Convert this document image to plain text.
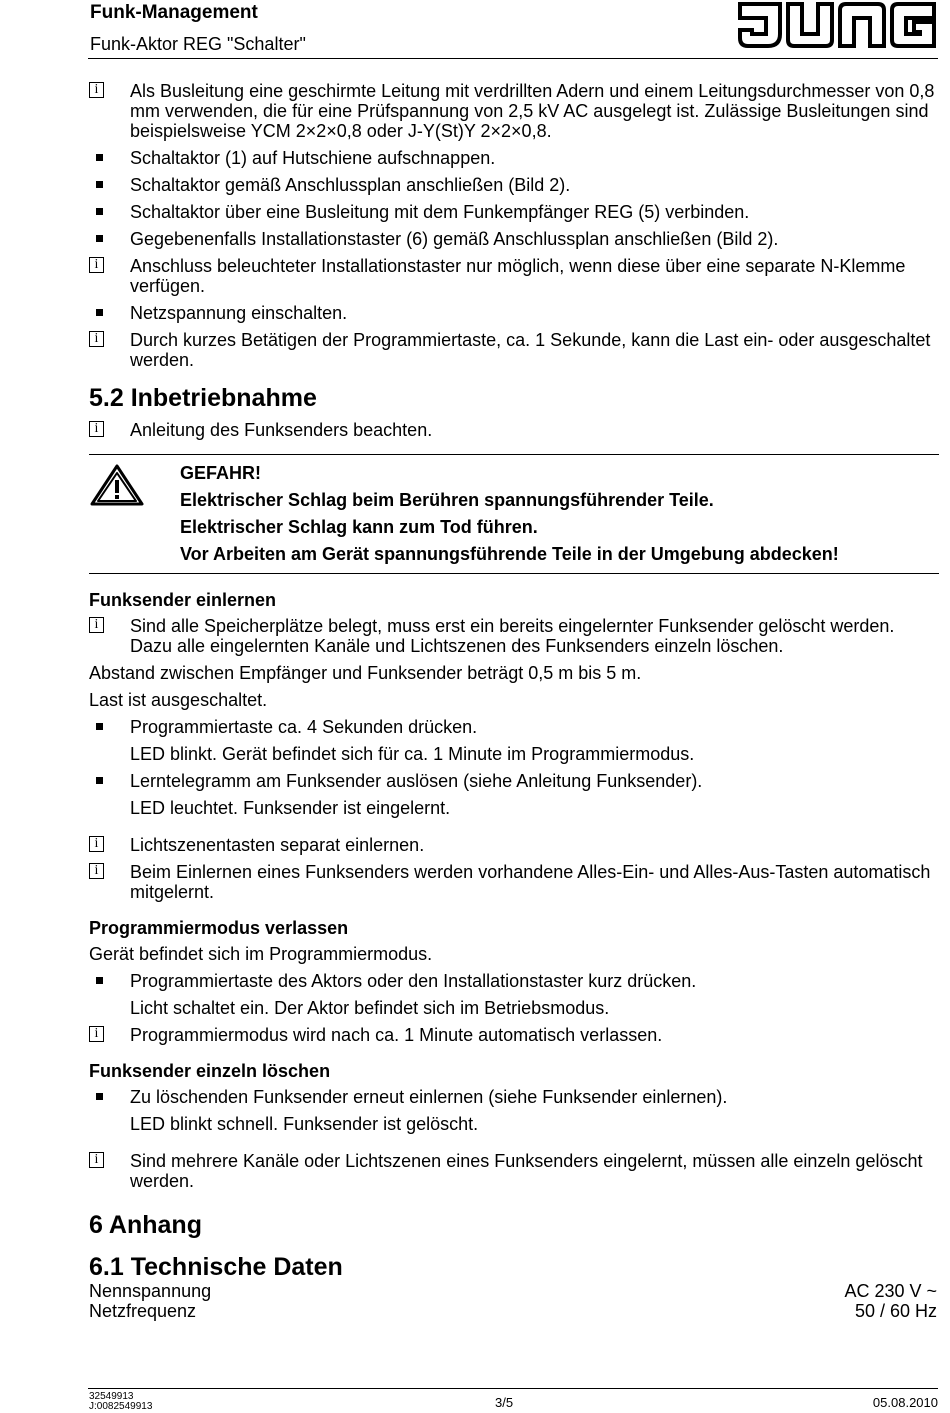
Funk-Management
Funk-Aktor REG "Schalter"
i	Als Busleitung eine geschirmte Leitung mit verdrillten Adern und einem Leitungsdurchmesser von 0,8 mm verwenden, die für eine Prüfspannung von 2,5 kV AC ausgelegt ist. Zulässige Busleitungen sind beispielsweise YCM 2×2×0,8 oder J-Y(St)Y 2×2×0,8.
Schaltaktor (1) auf Hutschiene aufschnappen.
Schaltaktor gemäß Anschlussplan anschließen (Bild 2).
Schaltaktor über eine Busleitung mit dem Funkempfänger REG (5) verbinden.
Gegebenenfalls Installationstaster (6) gemäß Anschlussplan anschließen (Bild 2).
i	Anschluss beleuchteter Installationstaster nur möglich, wenn diese über eine separate N-Klemme verfügen.
Netzspannung einschalten.
i	Durch kurzes Betätigen der Programmiertaste, ca. 1 Sekunde, kann die Last ein- oder ausgeschaltet werden.
5.2 Inbetriebnahme
i	Anleitung des Funksenders beachten.
GEFAHR!
Elektrischer Schlag beim Berühren spannungsführender Teile.
Elektrischer Schlag kann zum Tod führen.
Vor Arbeiten am Gerät spannungsführende Teile in der Umgebung abdecken!
Funksender einlernen
i	Sind alle Speicherplätze belegt, muss erst ein bereits eingelernter Funksender gelöscht werden. Dazu alle eingelernten Kanäle und Lichtszenen des Funksenders einzeln löschen.
Abstand zwischen Empfänger und Funksender beträgt 0,5 m bis 5 m.
Last ist ausgeschaltet.
Programmiertaste ca. 4 Sekunden drücken.
LED blinkt. Gerät befindet sich für ca. 1 Minute im Programmiermodus.
Lerntelegramm am Funksender auslösen (siehe Anleitung Funksender).
LED leuchtet. Funksender ist eingelernt.
i	Lichtszenentasten separat einlernen.
i	Beim Einlernen eines Funksenders werden vorhandene Alles-Ein- und Alles-Aus-Tasten automatisch mitgelernt.
Programmiermodus verlassen
Gerät befindet sich im Programmiermodus.
Programmiertaste des Aktors oder den Installationstaster kurz drücken.
Licht schaltet ein. Der Aktor befindet sich im Betriebsmodus.
i	Programmiermodus wird nach ca. 1 Minute automatisch verlassen.
Funksender einzeln löschen
Zu löschenden Funksender erneut einlernen (siehe Funksender einlernen).
LED blinkt schnell. Funksender ist gelöscht.
i	Sind mehrere Kanäle oder Lichtszenen eines Funksenders eingelernt, müssen alle einzeln gelöscht werden.
6 Anhang
6.1 Technische Daten
Nennspannung	AC 230 V ~
Netzfrequenz	50 / 60 Hz
32549913
J:0082549913	3/5	05.08.2010
